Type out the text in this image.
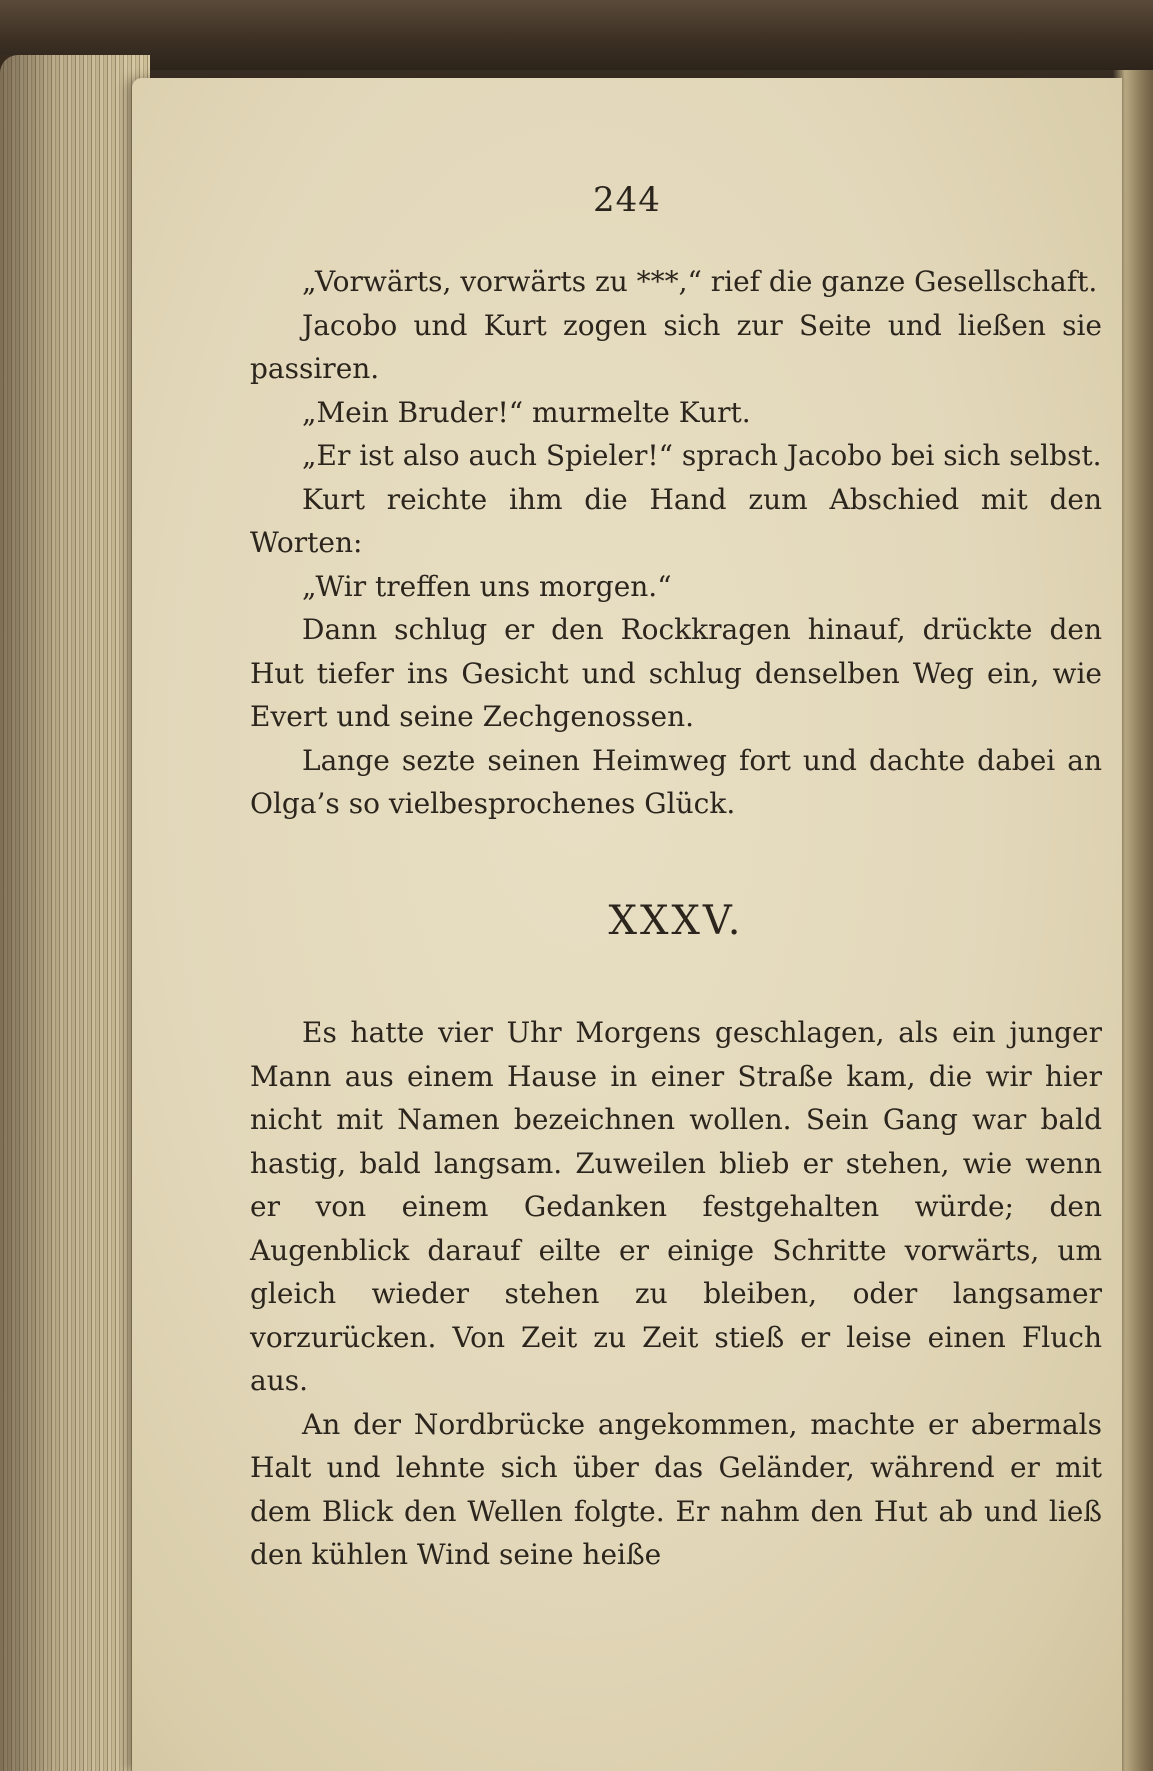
244

„Vorwärts, vorwärts zu ***,“ rief die ganze Gesellschaft.

Jacobo und Kurt zogen sich zur Seite und ließen sie passiren.

„Mein Bruder!“ murmelte Kurt.

„Er ist also auch Spieler!“ sprach Jacobo bei sich selbst.

Kurt reichte ihm die Hand zum Abschied mit den Worten:

„Wir treffen uns morgen.“

Dann schlug er den Rockkragen hinauf, drückte den Hut tiefer ins Gesicht und schlug denselben Weg ein, wie Evert und seine Zechgenossen.

Lange sezte seinen Heimweg fort und dachte dabei an Olga’s so vielbesprochenes Glück.

XXXV.

Es hatte vier Uhr Morgens geschlagen, als ein junger Mann aus einem Hause in einer Straße kam, die wir hier nicht mit Namen bezeichnen wollen. Sein Gang war bald hastig, bald langsam. Zuweilen blieb er stehen, wie wenn er von einem Gedanken festgehalten würde; den Augenblick darauf eilte er einige Schritte vorwärts, um gleich wieder stehen zu bleiben, oder langsamer vorzurücken. Von Zeit zu Zeit stieß er leise einen Fluch aus.

An der Nordbrücke angekommen, machte er abermals Halt und lehnte sich über das Geländer, während er mit dem Blick den Wellen folgte. Er nahm den Hut ab und ließ den kühlen Wind seine heiße
